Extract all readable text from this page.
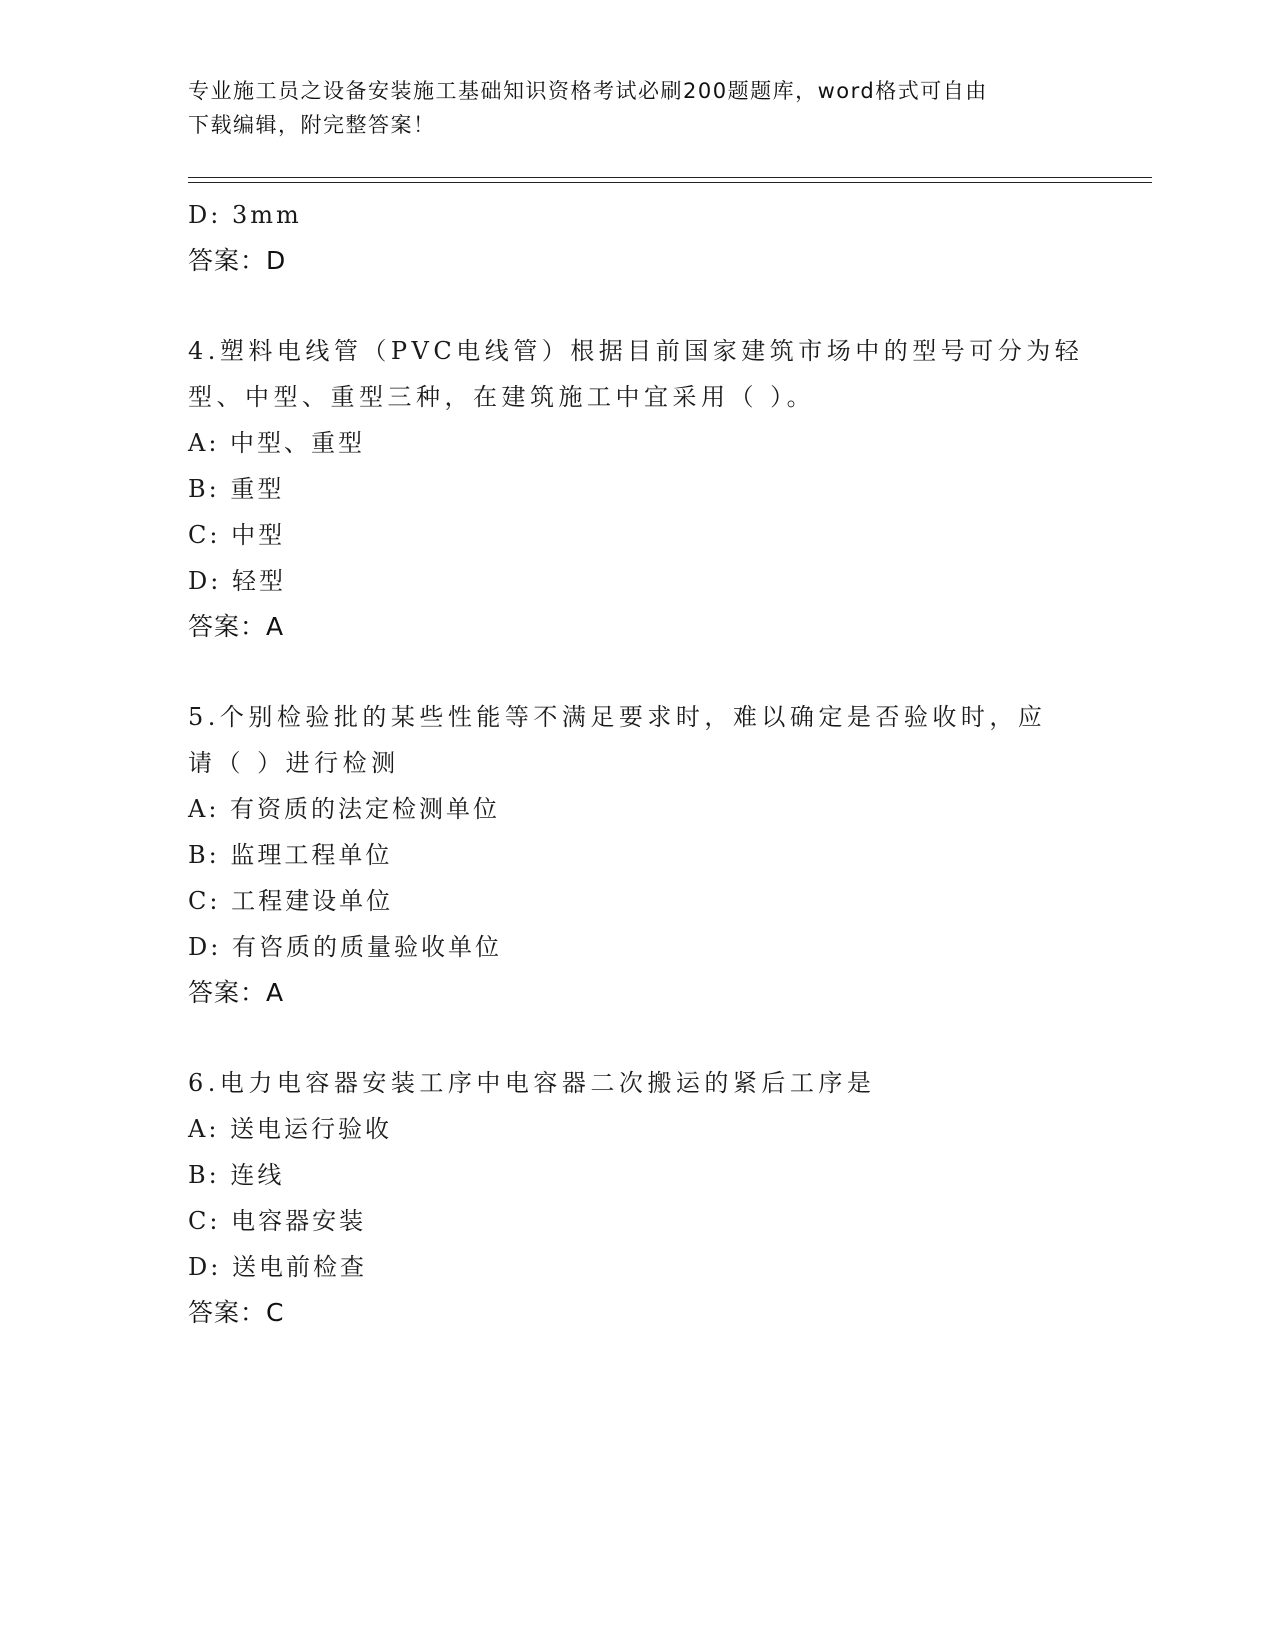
专业施工员之设备安装施工基础知识资格考试必刷200题题库，word格式可自由
下载编辑，附完整答案！
D: 3mm
答案：D
4.塑料电线管（PVC电线管）根据目前国家建筑市场中的型号可分为轻
型、中型、重型三种，在建筑施工中宜采用（ ）。
A: 中型、重型
B: 重型
C: 中型
D: 轻型
答案：A
5.个别检验批的某些性能等不满足要求时，难以确定是否验收时，应
请（ ）进行检测
A: 有资质的法定检测单位
B: 监理工程单位
C: 工程建设单位
D: 有咨质的质量验收单位
答案：A
6.电力电容器安装工序中电容器二次搬运的紧后工序是
A: 送电运行验收
B: 连线
C: 电容器安装
D: 送电前检查
答案：C
